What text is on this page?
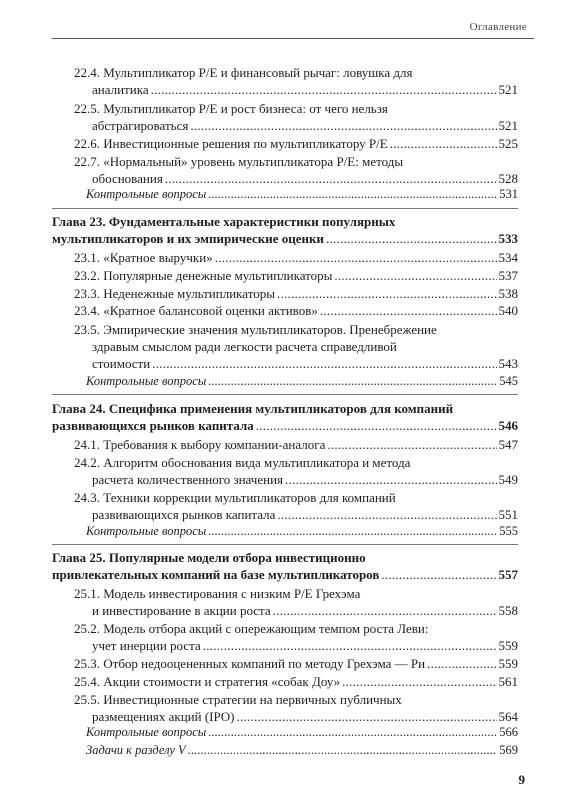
Оглавление
22.4. Мультипликатор P/E и финансовый рычаг: ловушка для
аналитика . . .	521
22.5. Мультипликатор P/E и рост бизнеса: от чего нельзя
абстрагироваться . . .	521
22.6. Инвестиционные решения по мультипликатору P/E . . .	525
22.7. «Нормальный» уровень мультипликатора P/E: методы
обоснования . . .	528
Контрольные вопросы . . .	531
Глава 23. Фундаментальные характеристики популярных
мультипликаторов и их эмпирические оценки . . .	533
23.1. «Кратное выручки» . . .	534
23.2. Популярные денежные мультипликаторы . . .	537
23.3. Неденежные мультипликаторы . . .	538
23.4. «Кратное балансовой оценки активов» . . .	540
23.5. Эмпирические значения мультипликаторов. Пренебрежение
здравым смыслом ради легкости расчета справедливой
стоимости . . .	543
Контрольные вопросы . . .	545
Глава 24. Специфика применения мультипликаторов для компаний
развивающихся рынков капитала . . .	546
24.1. Требования к выбору компании-аналога . . .	547
24.2. Алгоритм обоснования вида мультипликатора и метода
расчета количественного значения . . .	549
24.3. Техники коррекции мультипликаторов для компаний
развивающихся рынков капитала . . .	551
Контрольные вопросы . . .	555
Глава 25. Популярные модели отбора инвестиционно
привлекательных компаний на базе мультипликаторов . . .	557
25.1. Модель инвестирования с низким P/E Грехэма
и инвестирование в акции роста . . .	558
25.2. Модель отбора акций с опережающим темпом роста Леви:
учет инерции роста . . .	559
25.3. Отбор недооцененных компаний по методу Грехэма — Ри . . .	559
25.4. Акции стоимости и стратегия «собак Доу» . . .	561
25.5. Инвестиционные стратегии на первичных публичных
размещениях акций (IPO) . . .	564
Контрольные вопросы . . .	566
Задачи к разделу V . . .	569
9
